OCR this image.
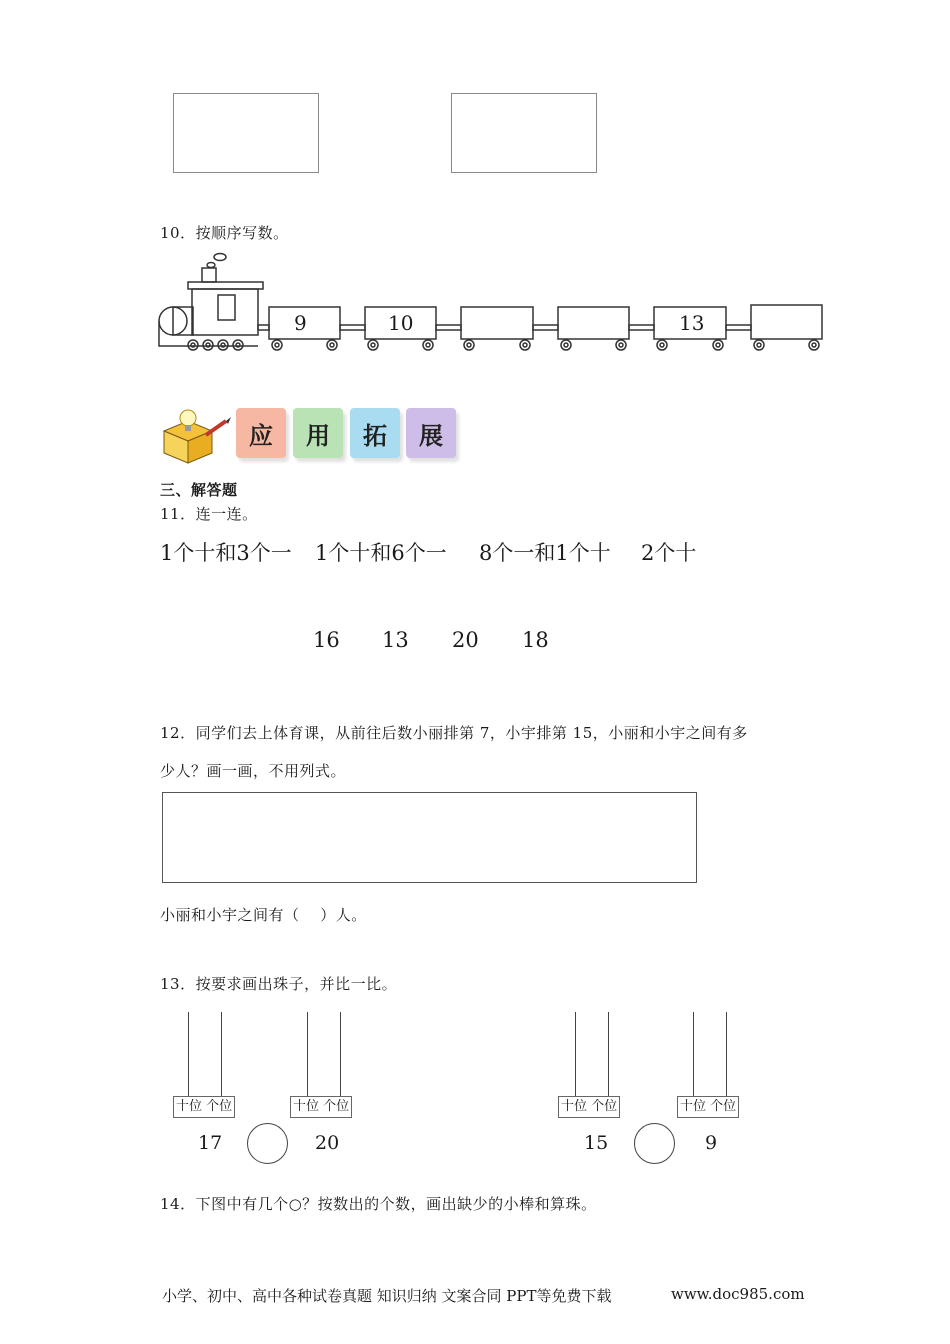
10．按顺序写数。
9	10	13
应	用	拓	展
三、解答题
11．连一连。
1个十和3个一 1个十和6个一 8个一和1个十 2个十
16 13 20 18
12．同学们去上体育课，从前往后数小丽排第 7，小宇排第 15，小丽和小宇之间有多
少人？画一画，不用列式。
小丽和小宇之间有（　 ）人。
13．按要求画出珠子，并比一比。
十位 个位
17
十位 个位
20
十位 个位
15
十位 个位
9
14．下图中有几个○？按数出的个数，画出缺少的小棒和算珠。
小学、初中、高中各种试卷真题 知识归纳 文案合同 PPT等免费下载	www.doc985.com
